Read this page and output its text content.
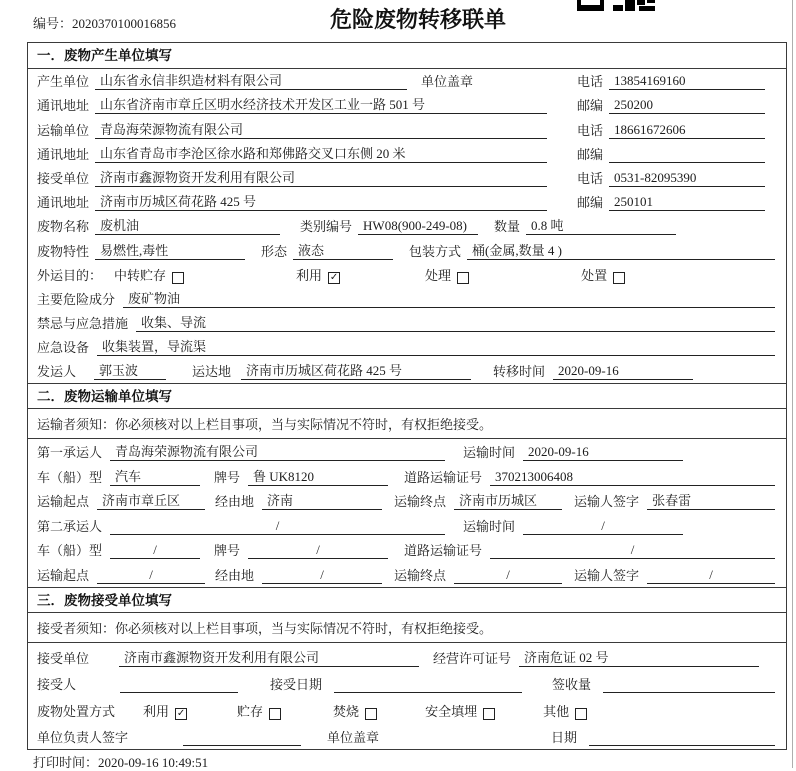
编号：2020370100016856	危险废物转移联单
一．废物产生单位填写
产生单位 山东省永信非织造材料有限公司	单位盖章	电话 13854169160
通讯地址 山东省济南市章丘区明水经济技术开发区工业一路 501 号	邮编 250200
运输单位 青岛海荣源物流有限公司	电话 18661672606
通讯地址 山东省青岛市李沧区徐水路和郑佛路交叉口东侧 20 米	邮编
接受单位 济南市鑫源物资开发利用有限公司	电话 0531-82095390
通讯地址 济南市历城区荷花路 425 号	邮编 250101
废物名称 废机油	类别编号 HW08(900-249-08)	数量 0.8 吨
废物特性 易燃性,毒性	形态 液态	包装方式 桶(金属,数量 4 )
外运目的： 中转贮存	利用 ✓	处理	处置
主要危险成分	废矿物油
禁忌与应急措施	收集、导流
应急设备	收集装置，导流渠
发运人	郭玉波	运达地	济南市历城区荷花路 425 号	转移时间	2020-09-16
二．废物运输单位填写
运输者须知：你必须核对以上栏目事项，当与实际情况不符时，有权拒绝接受。
第一承运人	青岛海荣源物流有限公司	运输时间	2020-09-16
车（船）型	汽车	牌号	鲁 UK8120	道路运输证号	370213006408
运输起点	济南市章丘区	经由地	济南	运输终点	济南市历城区	运输人签字	张春雷
第二承运人	/	运输时间	/
车（船）型	/	牌号	/	道路运输证号	/
运输起点	/	经由地	/	运输终点	/	运输人签字	/
三．废物接受单位填写
接受者须知：你必须核对以上栏目事项，当与实际情况不符时，有权拒绝接受。
接受单位	济南市鑫源物资开发利用有限公司	经营许可证号	济南危证 02 号
接受人	接受日期	签收量
废物处置方式 利用 ✓	贮存	焚烧	安全填埋	其他
单位负责人签字	单位盖章	日期
打印时间：2020-09-16 10:49:51
